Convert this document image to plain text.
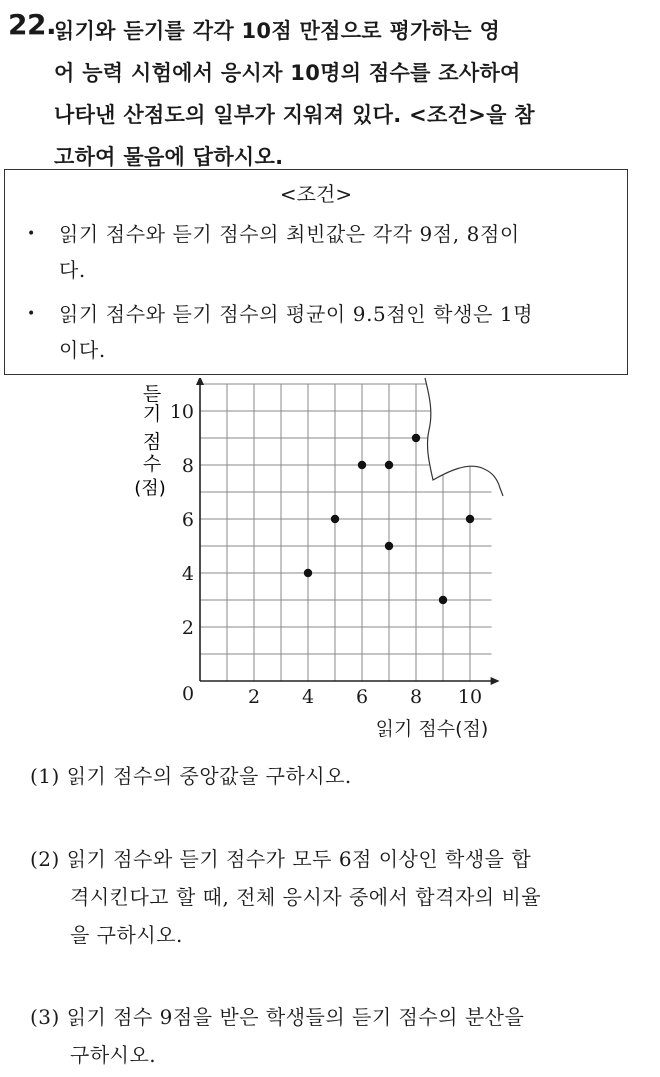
22.
읽기와 듣기를 각각 10점 만점으로 평가하는 영
어 능력 시험에서 응시자 10명의 점수를 조사하여
나타낸 산점도의 일부가 지워져 있다. <조건>을 참
고하여 물음에 답하시오.
<조건>
•	읽기 점수와 듣기 점수의 최빈값은 각각 9점, 8점이
다.
•	읽기 점수와 듣기 점수의 평균이 9.5점인 학생은 1명
이다.
2 4 6 8 10
2
4
6
8
10
0
읽기 점수(점)
듣
기
점
수
(점)
(1) 읽기 점수의 중앙값을 구하시오.
(2) 읽기 점수와 듣기 점수가 모두 6점 이상인 학생을 합
격시킨다고 할 때, 전체 응시자 중에서 합격자의 비율
을 구하시오.
(3) 읽기 점수 9점을 받은 학생들의 듣기 점수의 분산을
구하시오.
